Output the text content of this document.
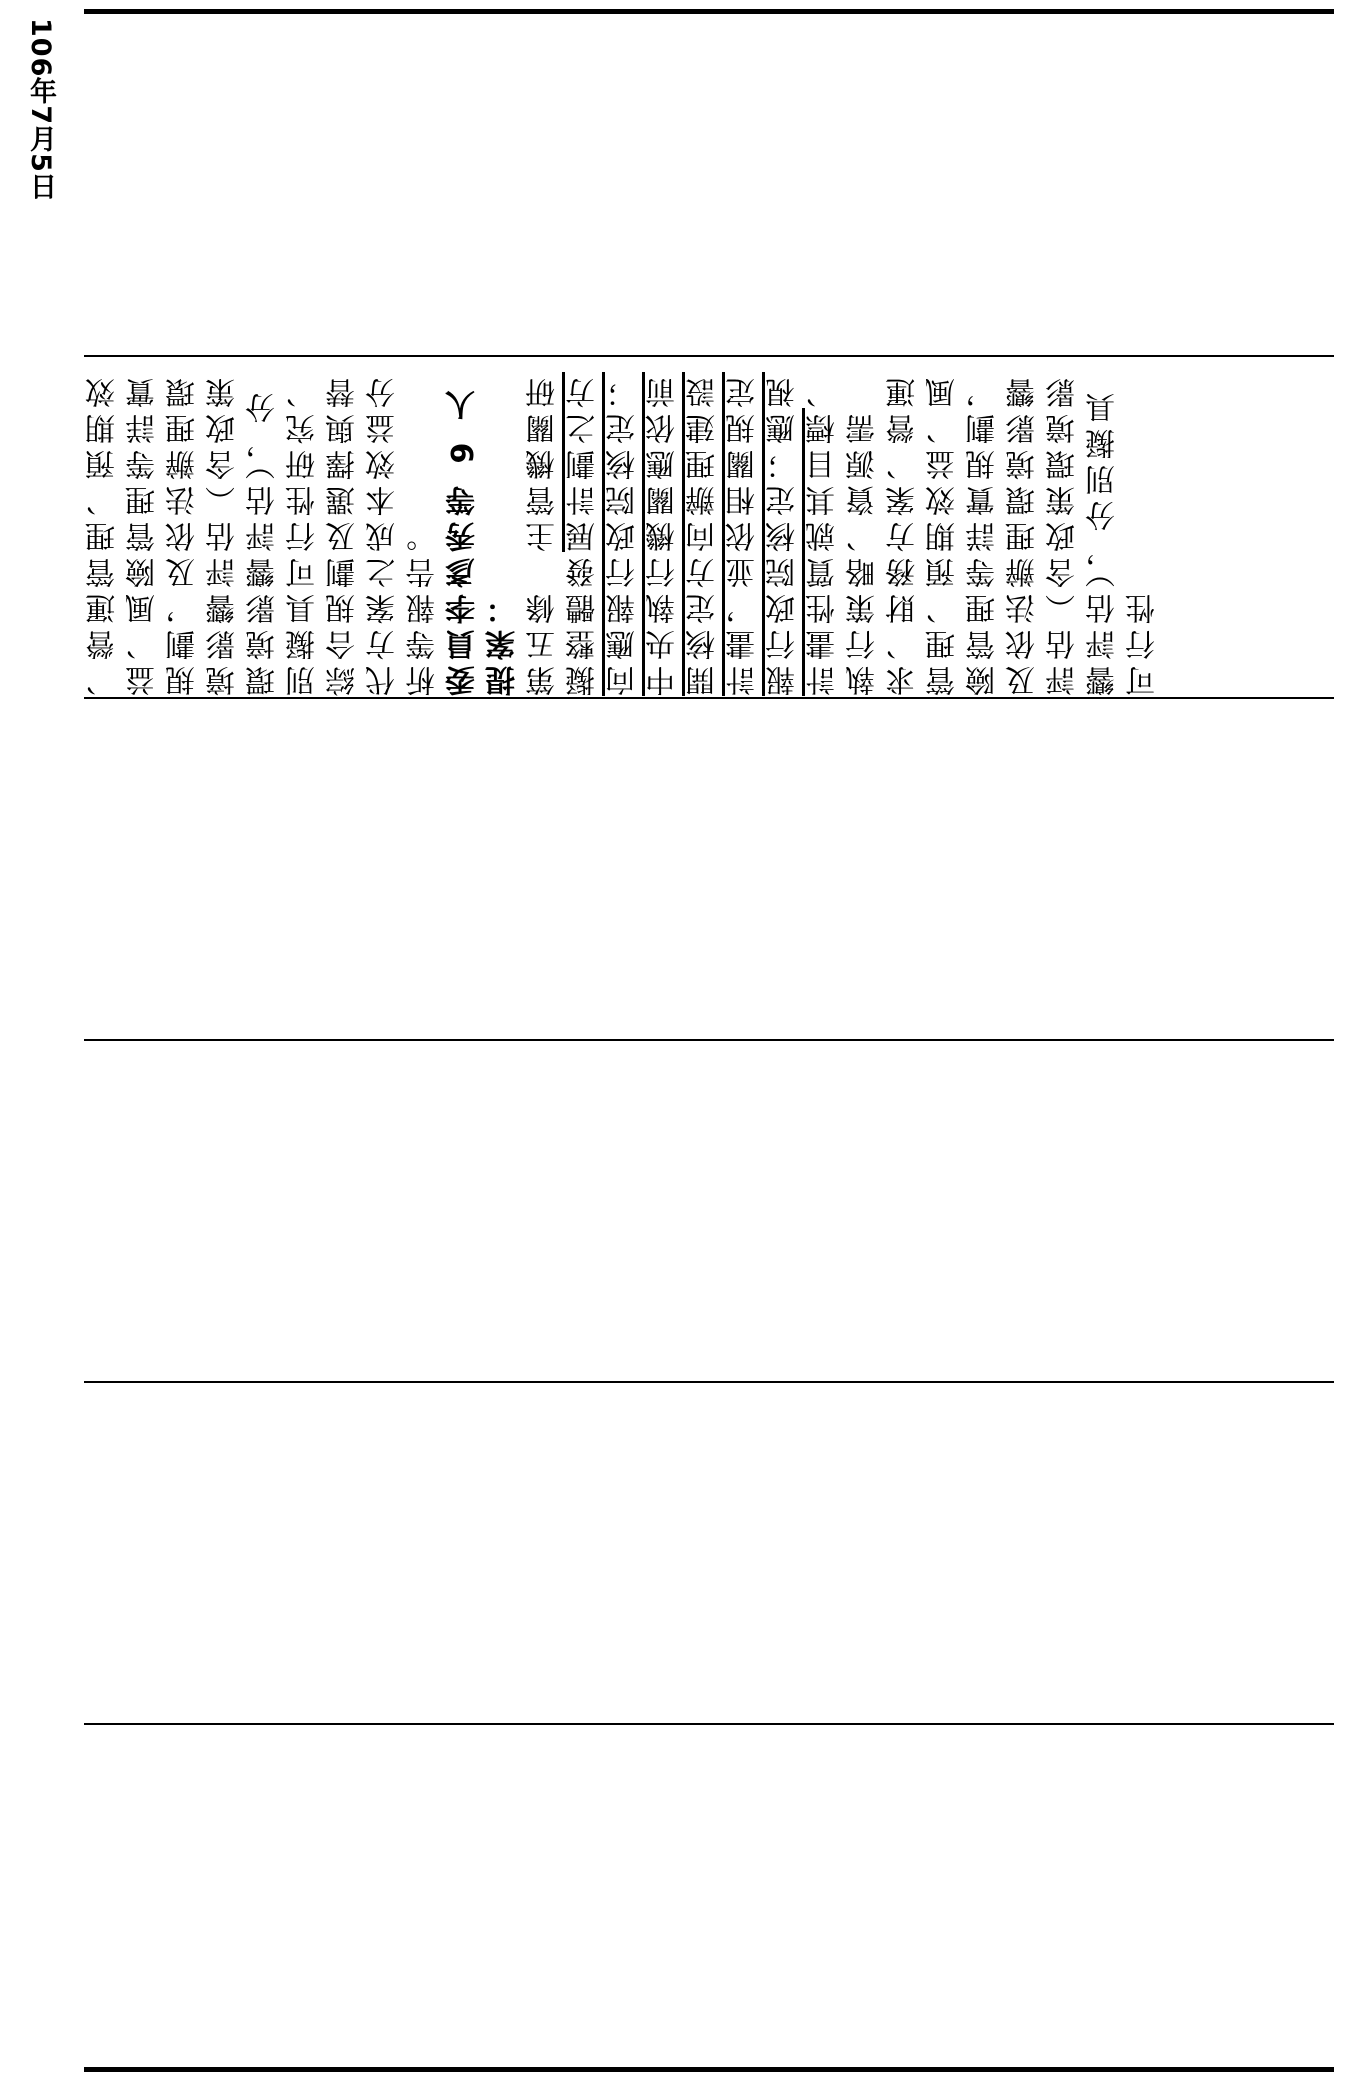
106年7月5日
、營運管理、預期效益、風險管理等詳實規劃，及依法辦理環境影響評估（含政策環境影響評估），分別擬具可行性研究、綜合規劃及選擇與替代方案之成本效益分析等報告。 委員李彥秀等 9 人提案： 第五條　主管機關研擬整體發展計劃之方向應報行政院核定；中央執行機關應依前開核定方向辦理建設計畫，並依相關規定報行政院核定；應視計畫性質就其目標、執行策略、資源需求、財務方案、營運管理、預期效益、風險管理等詳實規劃，及依法辦理環境影響評估（含政策環境影響評估），分別擬具可行性
